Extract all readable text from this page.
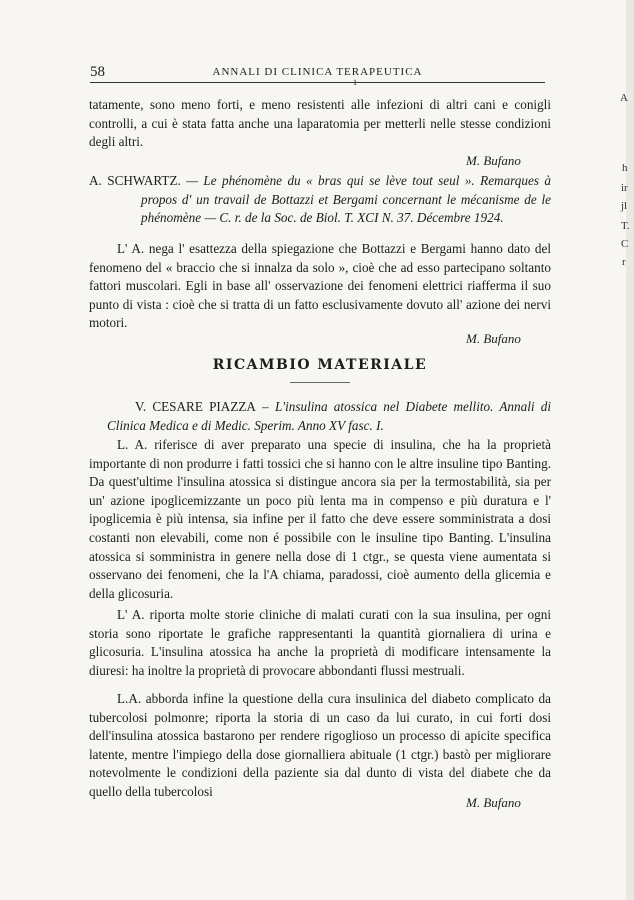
58	ANNALI DI CLINICA TERAPEUTICA
1

tatamente, sono meno forti, e meno resistenti alle infezioni di altri cani e conigli controlli, a cui è stata fatta anche una laparatomia per metterli nelle stesse condizioni degli altri.

M. Bufano

A. SCHWARTZ. — Le phénomène du « bras qui se lève tout seul ». Remarques à propos d' un travail de Bottazzi et Bergami concernant le mécanisme de le phénomène — C. r. de la Soc. de Biol. T. XCI N. 37. Décembre 1924.

L' A. nega l' esattezza della spiegazione che Bottazzi e Bergami hanno dato del fenomeno del « braccio che si innalza da solo », cioè che ad esso partecipano soltanto fattori muscolari. Egli in base all' osservazione dei fenomeni elettrici riafferma il suo punto di vista : cioè che si tratta di un fatto esclusivamente dovuto all' azione dei nervi motori.

M. Bufano
RICAMBIO MATERIALE

V. CESARE PIAZZA – L'insulina atossica nel Diabete mellito. Annali di Clinica Medica e di Medic. Sperim. Anno XV fasc. I.

L. A. riferisce di aver preparato una specie di insulina, che ha la proprietà importante di non produrre i fatti tossici che si hanno con le altre insuline tipo Banting. Da quest'ultime l'insulina atossica si distingue ancora sia per la termostabilità, sia per un' azione ipoglicemizzante un poco più lenta ma in compenso e più duratura e l' ipoglicemia è più intensa, sia infine per il fatto che deve essere somministrata a dosi costanti non elevabili, come non é possibile con le insuline tipo Banting. L'insulina atossica si somministra in genere nella dose di 1 ctgr., se questa viene aumentata si osservano dei fenomeni, che la l'A chiama, paradossi, cioè aumento della glicemia e della glicosuria.

L' A. riporta molte storie cliniche di malati curati con la sua insulina, per ogni storia sono riportate le grafiche rappresentanti la quantità giornaliera di urina e glicosuria. L'insulina atossica ha anche la proprietà di modificare intensamente la diuresi: ha inoltre la proprietà di provocare abbondanti flussi mestruali.

L.A. abborda infine la questione della cura insulinica del diabeto complicato da tubercolosi polmonre; riporta la storia di un caso da lui curato, in cui forti dosi dell'insulina atossica bastarono per rendere rigoglioso un processo di apicite specifica latente, mentre l'impiego della dose giornalliera abituale (1 ctgr.) bastò per migliorare notevolmente le condizioni della paziente sia dal dunto di vista del diabete che da quello della tubercolosi

M. Bufano
A
h
ir
jl
T.
C
r
